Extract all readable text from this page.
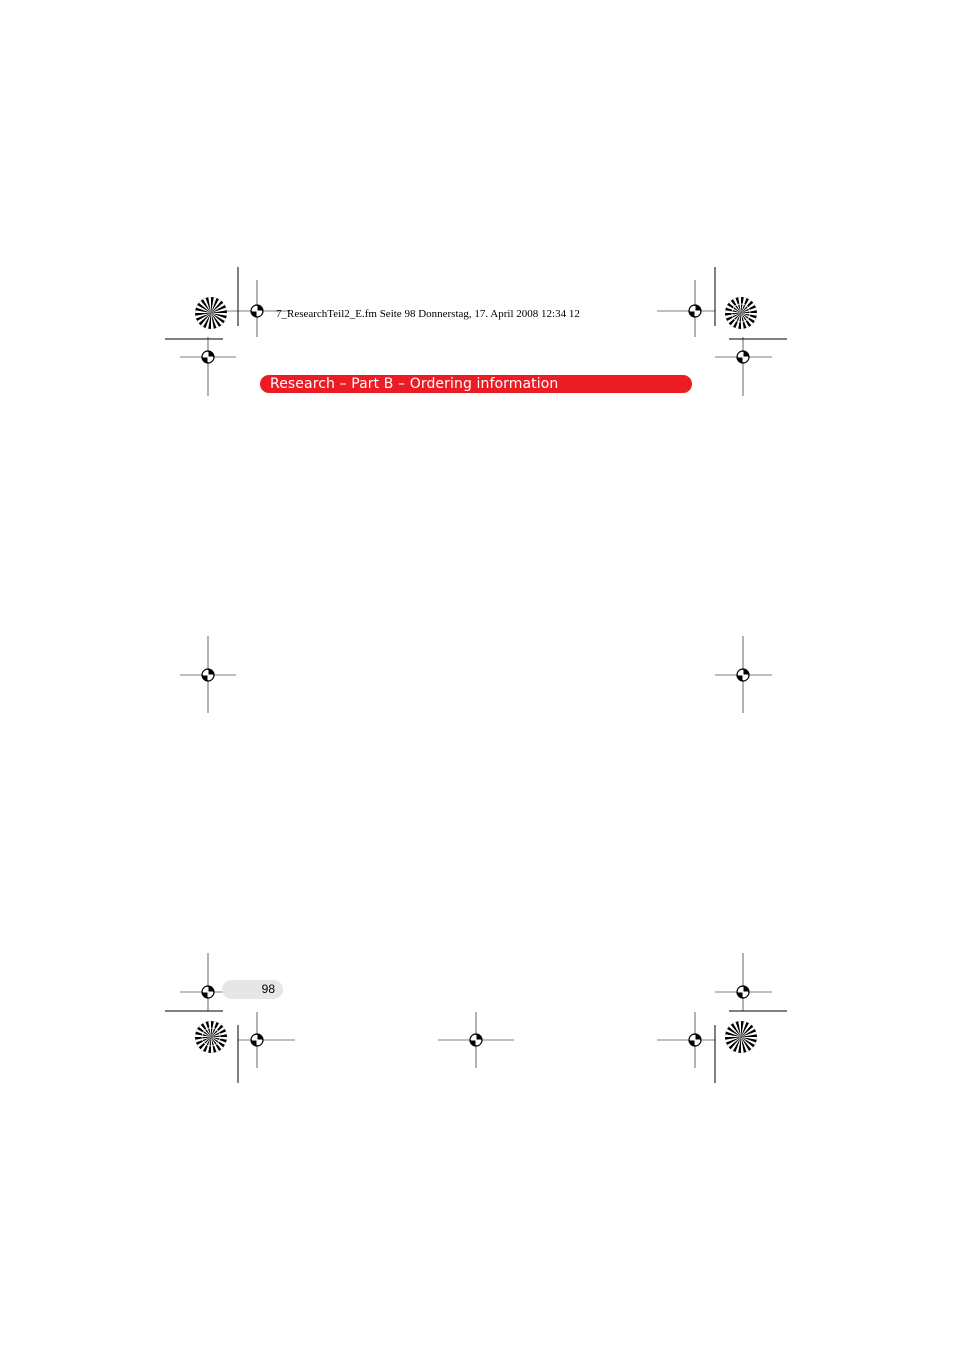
7_ResearchTeil2_E.fm Seite 98 Donnerstag, 17. April 2008 12:34 12
Research – Part B – Ordering information
98
